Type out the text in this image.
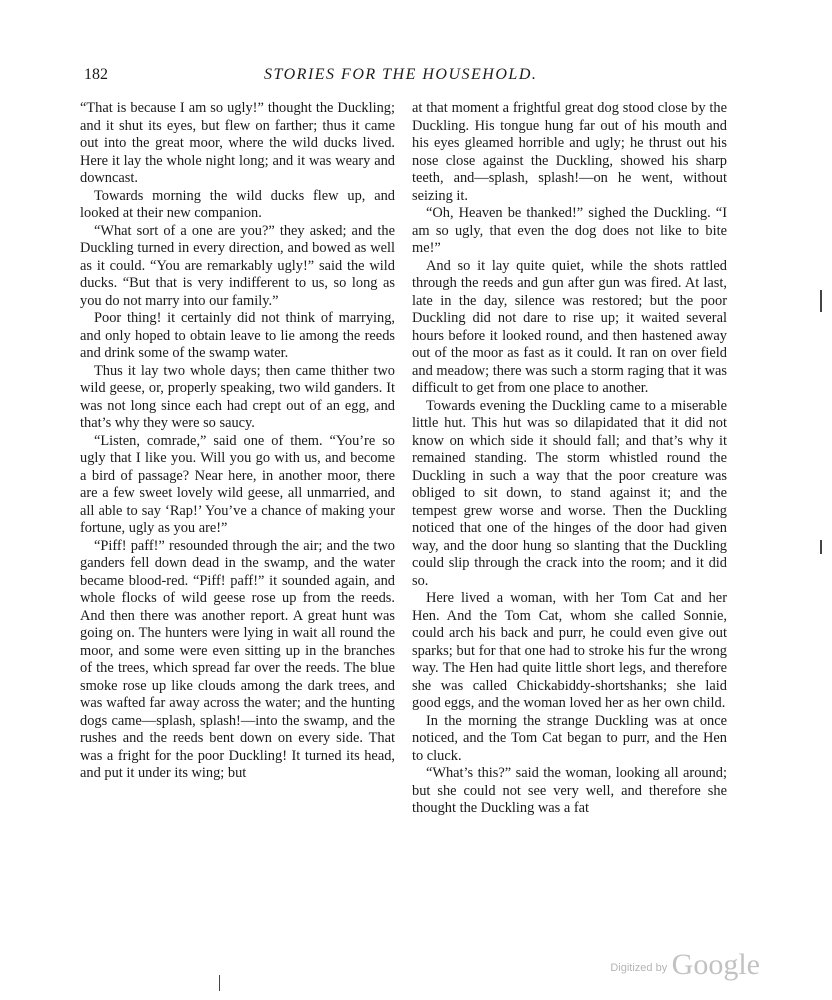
182	STORIES FOR THE HOUSEHOLD.

“That is because I am so ugly!” thought the Duckling; and it shut its eyes, but flew on farther; thus it came out into the great moor, where the wild ducks lived. Here it lay the whole night long; and it was weary and downcast.

Towards morning the wild ducks flew up, and looked at their new companion.

“What sort of a one are you?” they asked; and the Duckling turned in every direction, and bowed as well as it could. “You are remarkably ugly!” said the wild ducks. “But that is very indifferent to us, so long as you do not marry into our family.”

Poor thing! it certainly did not think of marrying, and only hoped to obtain leave to lie among the reeds and drink some of the swamp water.

Thus it lay two whole days; then came thither two wild geese, or, properly speaking, two wild ganders. It was not long since each had crept out of an egg, and that’s why they were so saucy.

“Listen, comrade,” said one of them. “You’re so ugly that I like you. Will you go with us, and become a bird of passage? Near here, in another moor, there are a few sweet lovely wild geese, all unmarried, and all able to say ‘Rap!’ You’ve a chance of making your fortune, ugly as you are!”

“Piff! paff!” resounded through the air; and the two ganders fell down dead in the swamp, and the water became blood-red. “Piff! paff!” it sounded again, and whole flocks of wild geese rose up from the reeds. And then there was another report. A great hunt was going on. The hunters were lying in wait all round the moor, and some were even sitting up in the branches of the trees, which spread far over the reeds. The blue smoke rose up like clouds among the dark trees, and was wafted far away across the water; and the hunting dogs came—splash, splash!—into the swamp, and the rushes and the reeds bent down on every side. That was a fright for the poor Duckling! It turned its head, and put it under its wing; but

at that moment a frightful great dog stood close by the Duckling. His tongue hung far out of his mouth and his eyes gleamed horrible and ugly; he thrust out his nose close against the Duckling, showed his sharp teeth, and—splash, splash!—on he went, without seizing it.

“Oh, Heaven be thanked!” sighed the Duckling. “I am so ugly, that even the dog does not like to bite me!”

And so it lay quite quiet, while the shots rattled through the reeds and gun after gun was fired. At last, late in the day, silence was restored; but the poor Duckling did not dare to rise up; it waited several hours before it looked round, and then hastened away out of the moor as fast as it could. It ran on over field and meadow; there was such a storm raging that it was difficult to get from one place to another.

Towards evening the Duckling came to a miserable little hut. This hut was so dilapidated that it did not know on which side it should fall; and that’s why it remained standing. The storm whistled round the Duckling in such a way that the poor creature was obliged to sit down, to stand against it; and the tempest grew worse and worse. Then the Duckling noticed that one of the hinges of the door had given way, and the door hung so slanting that the Duckling could slip through the crack into the room; and it did so.

Here lived a woman, with her Tom Cat and her Hen. And the Tom Cat, whom she called Sonnie, could arch his back and purr, he could even give out sparks; but for that one had to stroke his fur the wrong way. The Hen had quite little short legs, and therefore she was called Chickabiddy-shortshanks; she laid good eggs, and the woman loved her as her own child.

In the morning the strange Duckling was at once noticed, and the Tom Cat began to purr, and the Hen to cluck.

“What’s this?” said the woman, looking all around; but she could not see very well, and therefore she thought the Duckling was a fat

Digitized by Google
